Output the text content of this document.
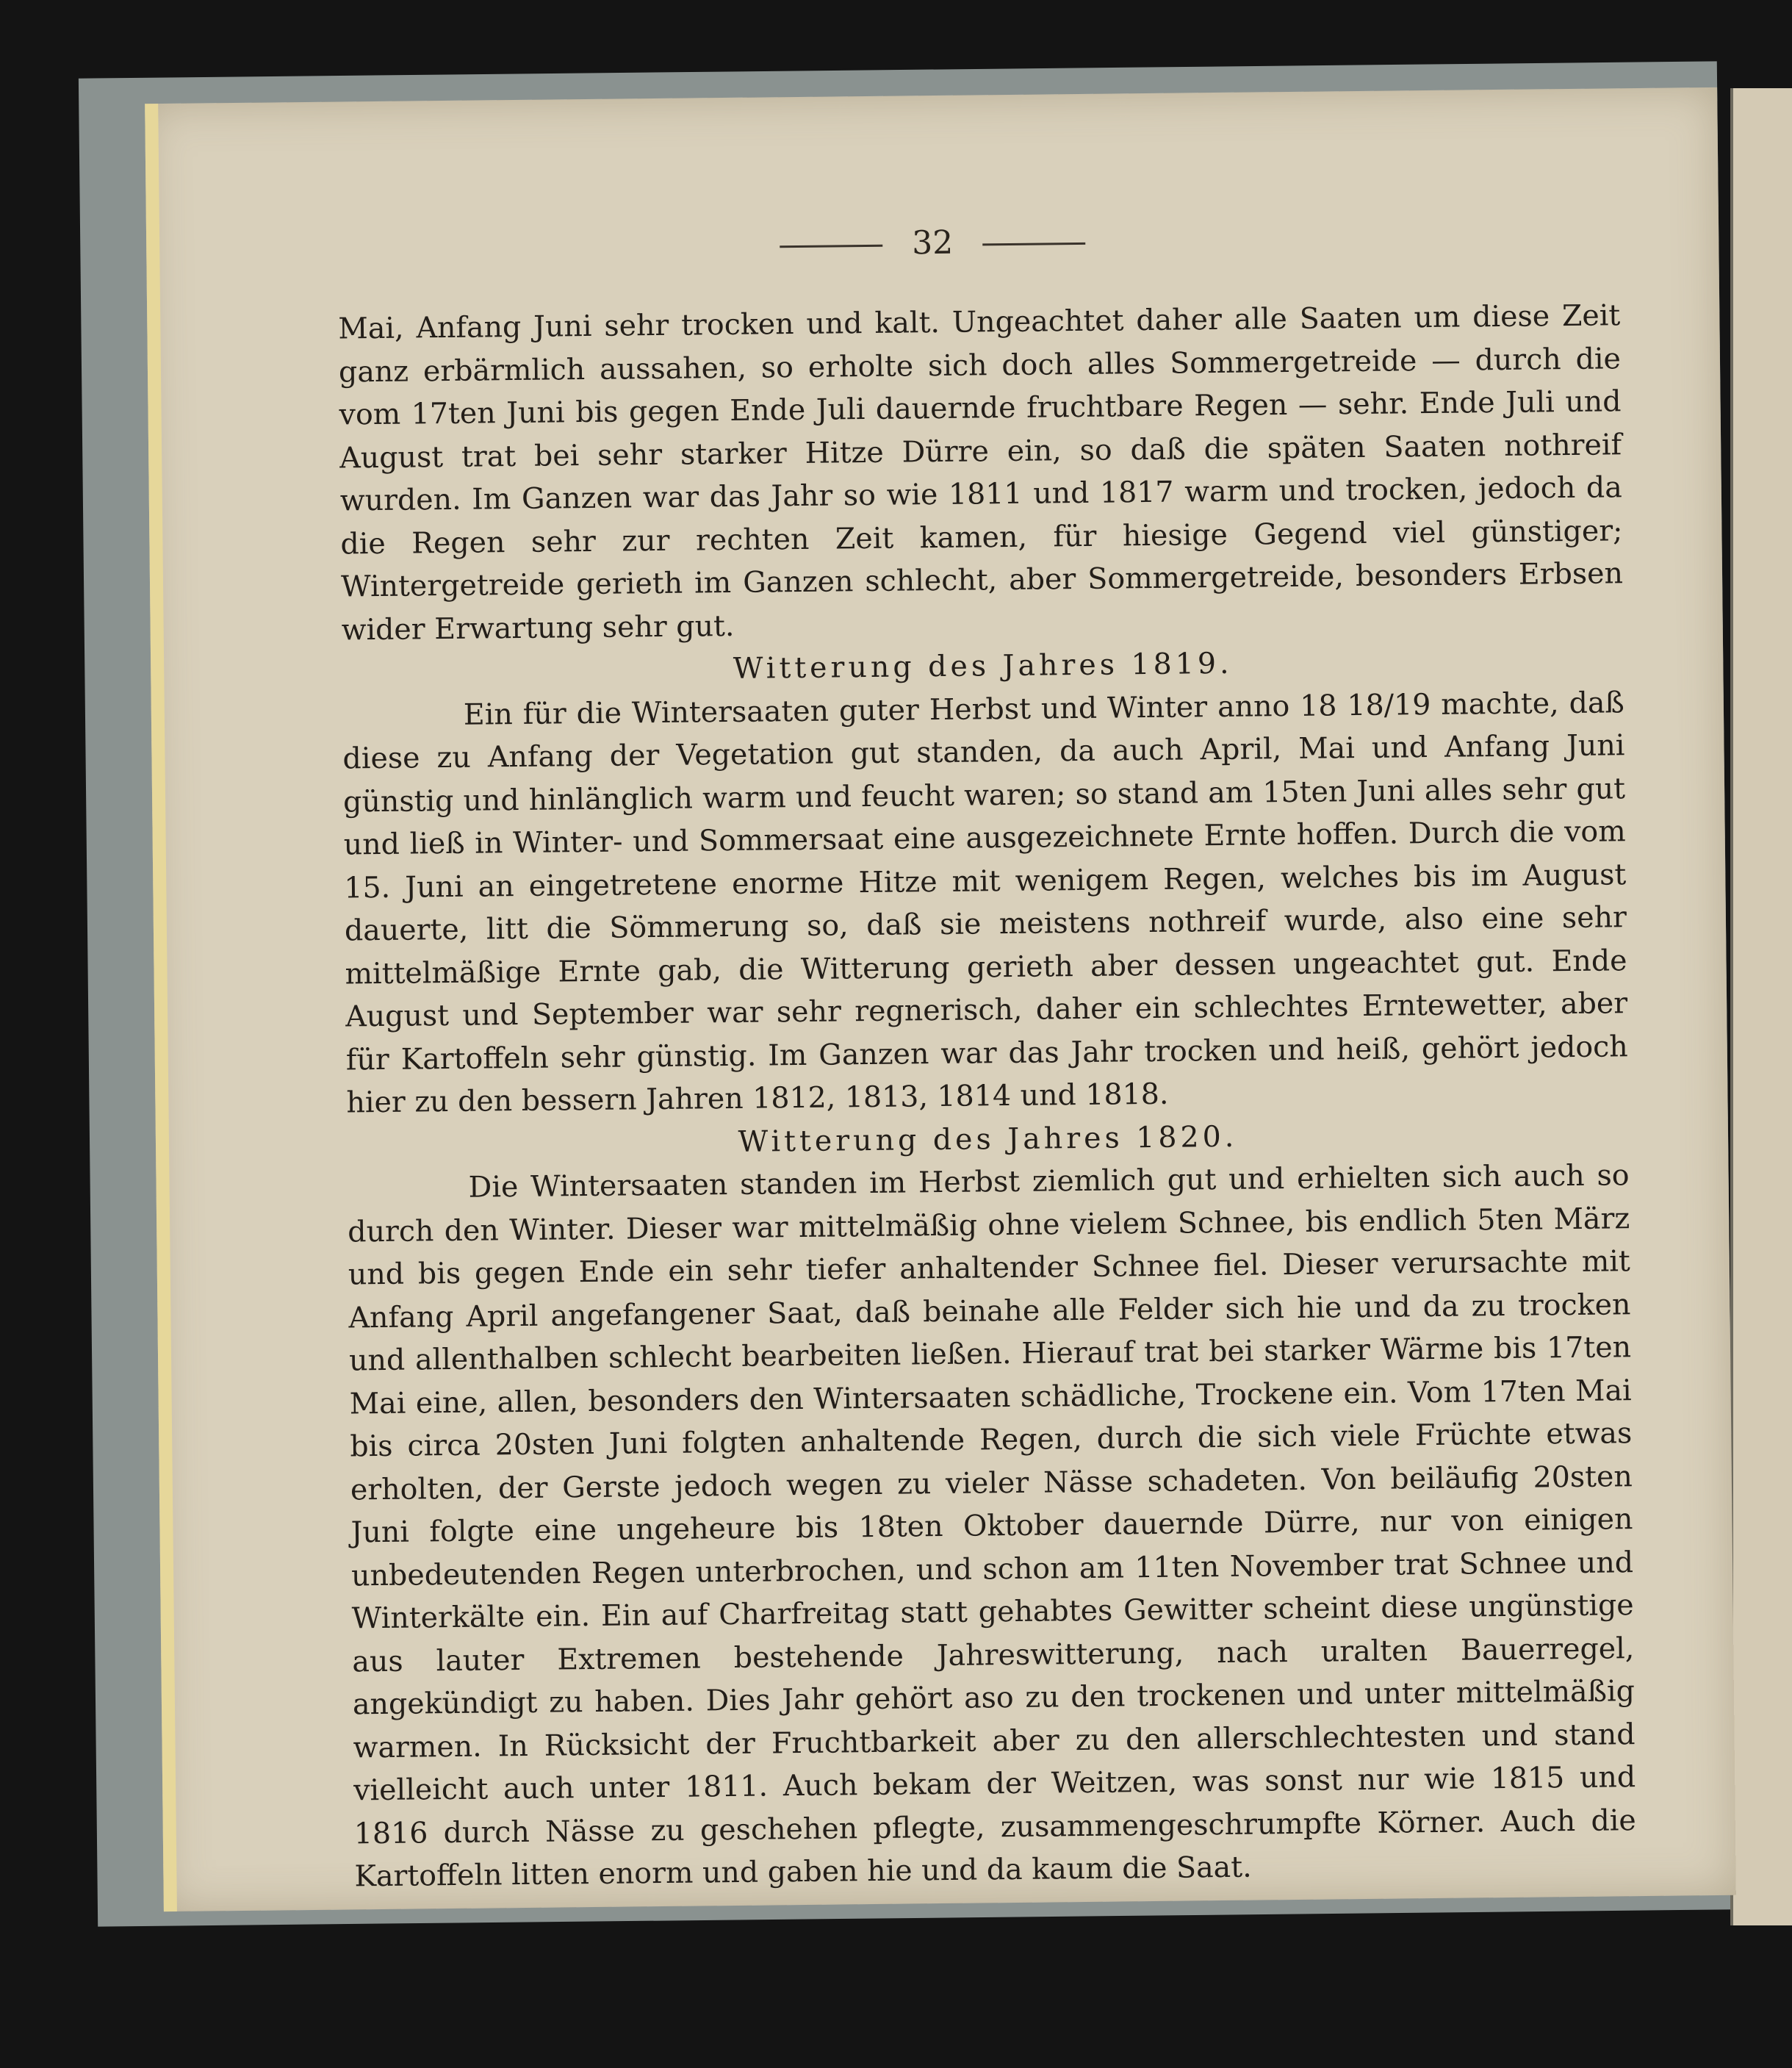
32

Mai, Anfang Juni sehr trocken und kalt. Ungeachtet daher alle Saaten um diese Zeit ganz erbärmlich aussahen, so erholte sich doch alles Sommergetreide — durch die vom 17ten Juni bis gegen Ende Juli dauernde fruchtbare Regen — sehr. Ende Juli und August trat bei sehr starker Hitze Dürre ein, so daß die späten Saaten nothreif wurden. Im Ganzen war das Jahr so wie 1811 und 1817 warm und trocken, jedoch da die Regen sehr zur rechten Zeit kamen, für hiesige Gegend viel günstiger; Wintergetreide gerieth im Ganzen schlecht, aber Sommergetreide, besonders Erbsen wider Erwartung sehr gut.

Witterung des Jahres 1819.

Ein für die Wintersaaten guter Herbst und Winter anno 18 18/19 machte, daß diese zu Anfang der Vegetation gut standen, da auch April, Mai und Anfang Juni günstig und hinlänglich warm und feucht waren; so stand am 15ten Juni alles sehr gut und ließ in Winter- und Sommersaat eine ausgezeichnete Ernte hoffen. Durch die vom 15. Juni an eingetretene enorme Hitze mit wenigem Regen, welches bis im August dauerte, litt die Sömmerung so, daß sie meistens nothreif wurde, also eine sehr mittelmäßige Ernte gab, die Witterung gerieth aber dessen ungeachtet gut. Ende August und September war sehr regnerisch, daher ein schlechtes Erntewetter, aber für Kartoffeln sehr günstig. Im Ganzen war das Jahr trocken und heiß, gehört jedoch hier zu den bessern Jahren 1812, 1813, 1814 und 1818.

Witterung des Jahres 1820.

Die Wintersaaten standen im Herbst ziemlich gut und erhielten sich auch so durch den Winter. Dieser war mittelmäßig ohne vielem Schnee, bis endlich 5ten März und bis gegen Ende ein sehr tiefer anhaltender Schnee fiel. Dieser verursachte mit Anfang April angefangener Saat, daß beinahe alle Felder sich hie und da zu trocken und allenthalben schlecht bearbeiten ließen. Hierauf trat bei starker Wärme bis 17ten Mai eine, allen, besonders den Wintersaaten schädliche, Trockene ein. Vom 17ten Mai bis circa 20sten Juni folgten anhaltende Regen, durch die sich viele Früchte etwas erholten, der Gerste jedoch wegen zu vieler Nässe schadeten. Von beiläufig 20sten Juni folgte eine ungeheure bis 18ten Oktober dauernde Dürre, nur von einigen unbedeutenden Regen unterbrochen, und schon am 11ten November trat Schnee und Winterkälte ein. Ein auf Charfreitag statt gehabtes Gewitter scheint diese ungünstige aus lauter Extremen bestehende Jahreswitterung, nach uralten Bauerregel, angekündigt zu haben. Dies Jahr gehört aso zu den trockenen und unter mittelmäßig warmen. In Rücksicht der Fruchtbarkeit aber zu den allerschlechtesten und stand vielleicht auch unter 1811. Auch bekam der Weitzen, was sonst nur wie 1815 und 1816 durch Nässe zu geschehen pflegte, zusammengeschrumpfte Körner. Auch die Kartoffeln litten enorm und gaben hie und da kaum die Saat.
